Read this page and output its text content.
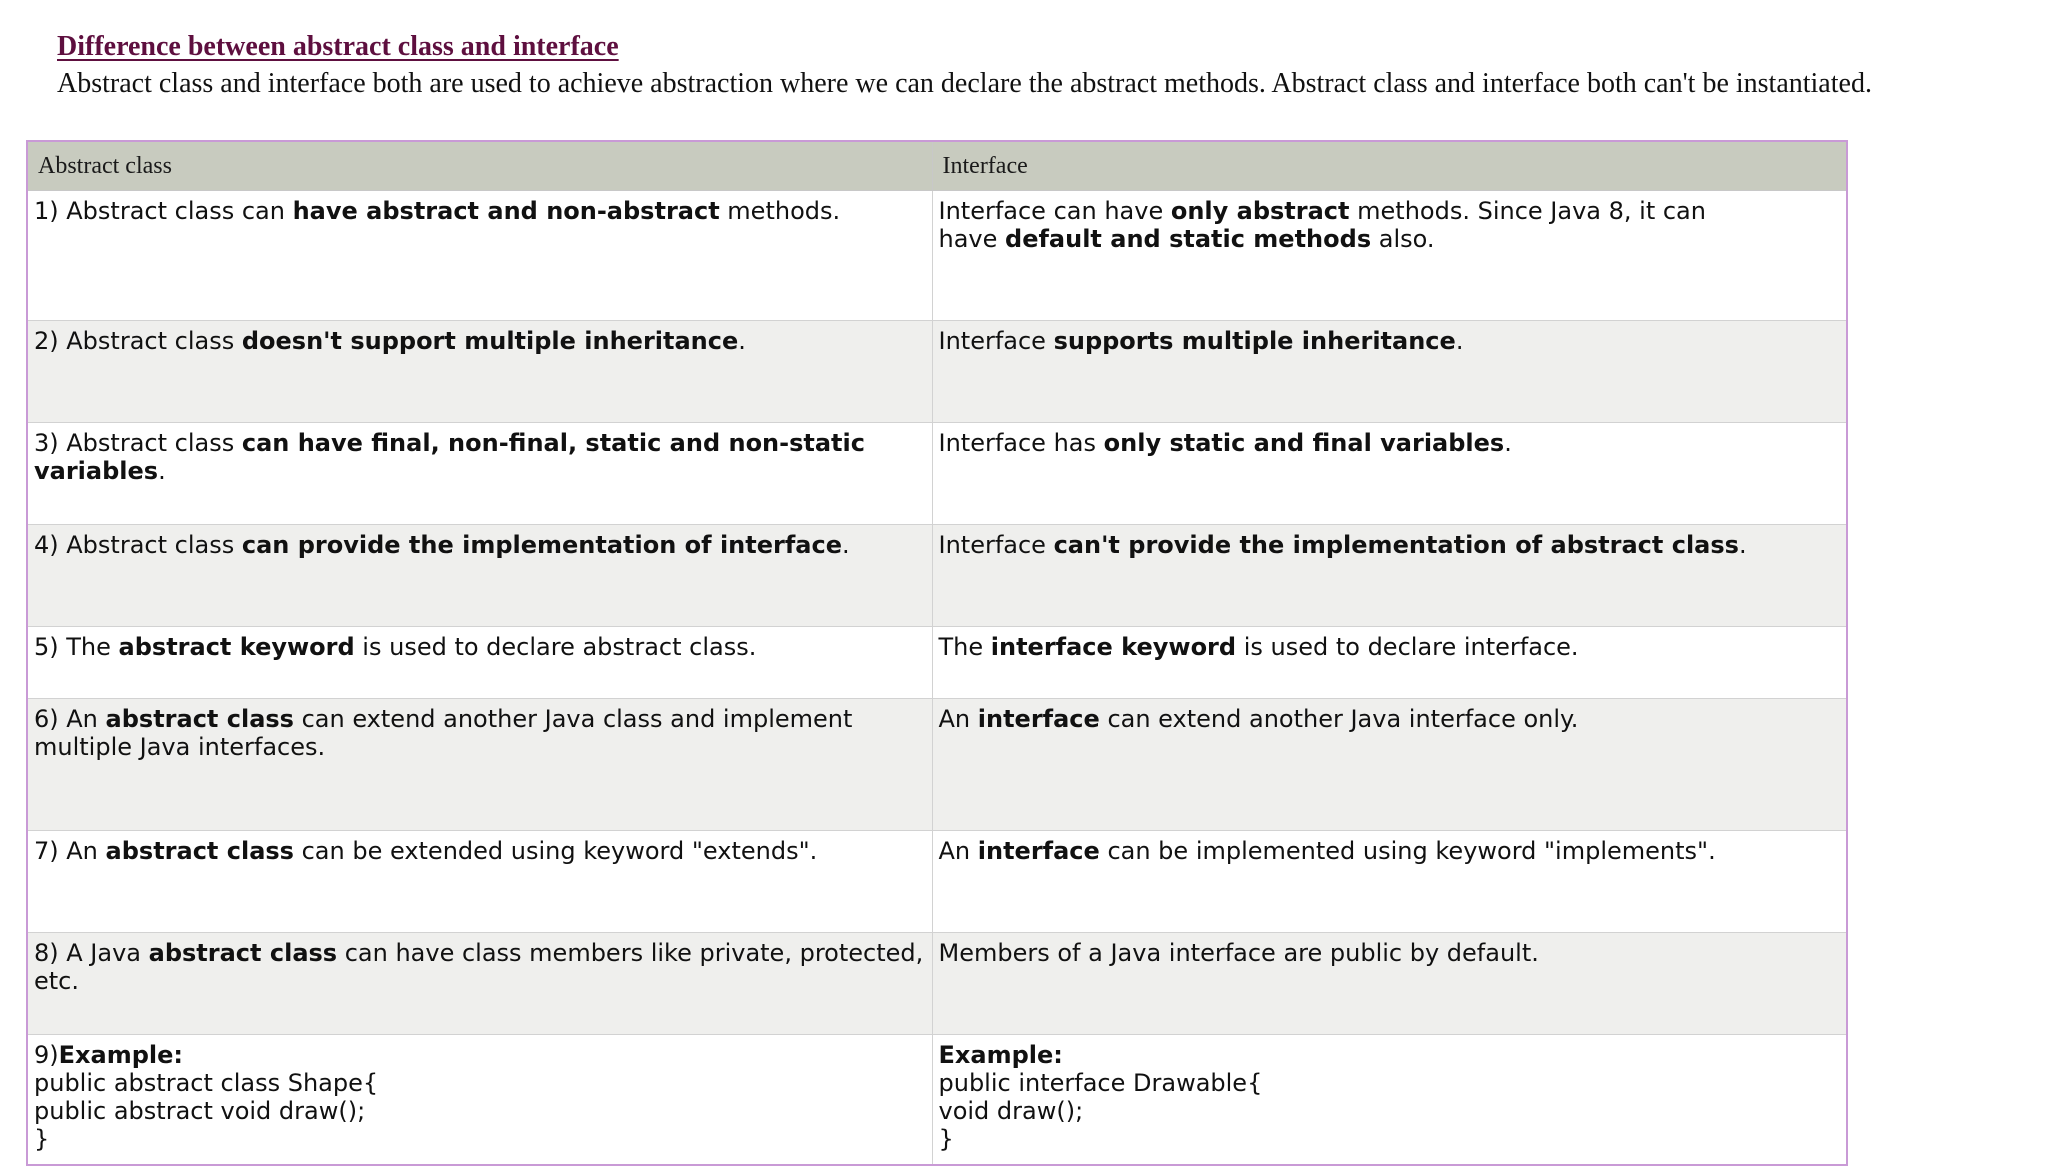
Difference between abstract class and interface
Abstract class and interface both are used to achieve abstraction where we can declare the abstract methods. Abstract class and interface both can't be instantiated.
Abstract class	Interface

1) Abstract class can have abstract and non-abstract methods.	Interface can have only abstract methods. Since Java 8, it can
have default and static methods also.

2) Abstract class doesn't support multiple inheritance.	Interface supports multiple inheritance.

3) Abstract class can have final, non-final, static and non-static
variables.	Interface has only static and final variables.

4) Abstract class can provide the implementation of interface.	Interface can't provide the implementation of abstract class.

5) The abstract keyword is used to declare abstract class.	The interface keyword is used to declare interface.

6) An abstract class can extend another Java class and implement
multiple Java interfaces.	An interface can extend another Java interface only.

7) An abstract class can be extended using keyword "extends".	An interface can be implemented using keyword "implements".

8) A Java abstract class can have class members like private, protected,
etc.	Members of a Java interface are public by default.

9)Example:
public abstract class Shape{
public abstract void draw();
}	Example:
public interface Drawable{
void draw();
}
